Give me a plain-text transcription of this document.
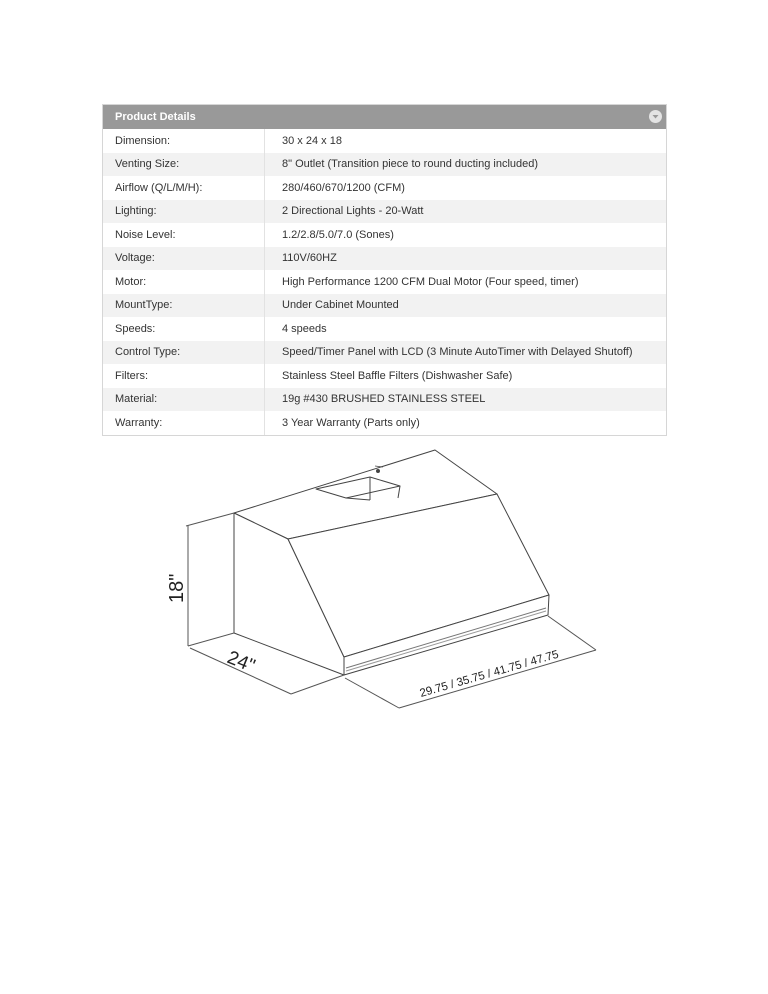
Product Details
Dimension:	30 x 24 x 18
Venting Size:	8" Outlet (Transition piece to round ducting included)
Airflow (Q/L/M/H):	280/460/670/1200 (CFM)
Lighting:	2 Directional Lights - 20-Watt
Noise Level:	1.2/2.8/5.0/7.0 (Sones)
Voltage:	110V/60HZ
Motor:	High Performance 1200 CFM Dual Motor (Four speed, timer)
MountType:	Under Cabinet Mounted
Speeds:	4 speeds
Control Type:	Speed/Timer Panel with LCD (3 Minute AutoTimer with Delayed Shutoff)
Filters:	Stainless Steel Baffle Filters (Dishwasher Safe)
Material:	19g #430 BRUSHED STAINLESS STEEL
Warranty:	3 Year Warranty (Parts only)
18"
24"	29.75 / 35.75 / 41.75 / 47.75
